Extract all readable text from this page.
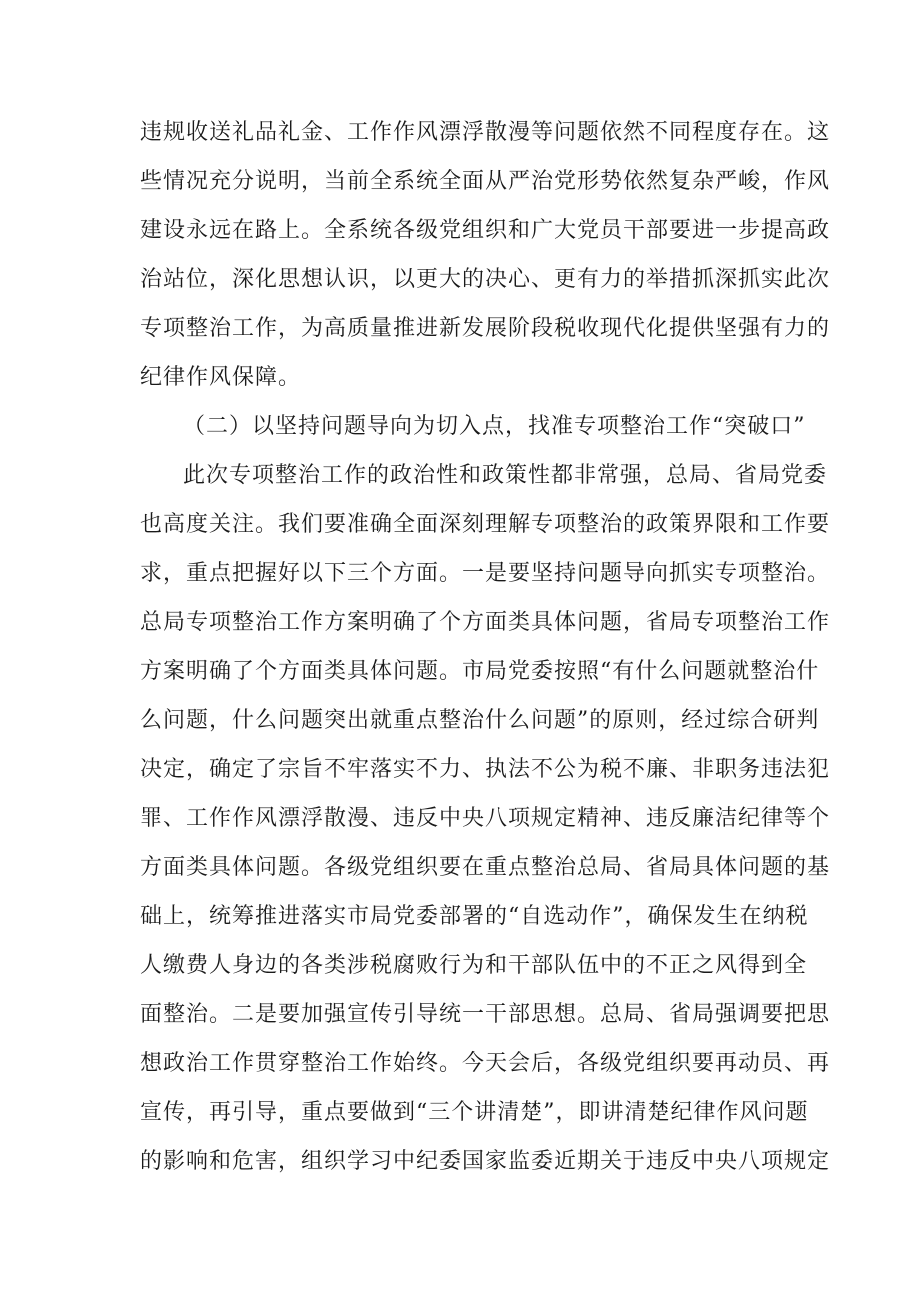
违规收送礼品礼金、工作作风漂浮散漫等问题依然不同程度存在。这
些情况充分说明，当前全系统全面从严治党形势依然复杂严峻，作风
建设永远在路上。全系统各级党组织和广大党员干部要进一步提高政
治站位，深化思想认识，以更大的决心、更有力的举措抓深抓实此次
专项整治工作，为高质量推进新发展阶段税收现代化提供坚强有力的
纪律作风保障。
（二）以坚持问题导向为切入点，找准专项整治工作“突破口”
此次专项整治工作的政治性和政策性都非常强，总局、省局党委
也高度关注。我们要准确全面深刻理解专项整治的政策界限和工作要
求，重点把握好以下三个方面。一是要坚持问题导向抓实专项整治。
总局专项整治工作方案明确了个方面类具体问题，省局专项整治工作
方案明确了个方面类具体问题。市局党委按照“有什么问题就整治什
么问题，什么问题突出就重点整治什么问题”的原则，经过综合研判
决定，确定了宗旨不牢落实不力、执法不公为税不廉、非职务违法犯
罪、工作作风漂浮散漫、违反中央八项规定精神、违反廉洁纪律等个
方面类具体问题。各级党组织要在重点整治总局、省局具体问题的基
础上，统筹推进落实市局党委部署的“自选动作”，确保发生在纳税
人缴费人身边的各类涉税腐败行为和干部队伍中的不正之风得到全
面整治。二是要加强宣传引导统一干部思想。总局、省局强调要把思
想政治工作贯穿整治工作始终。今天会后，各级党组织要再动员、再
宣传，再引导，重点要做到“三个讲清楚”，即讲清楚纪律作风问题
的影响和危害，组织学习中纪委国家监委近期关于违反中央八项规定
